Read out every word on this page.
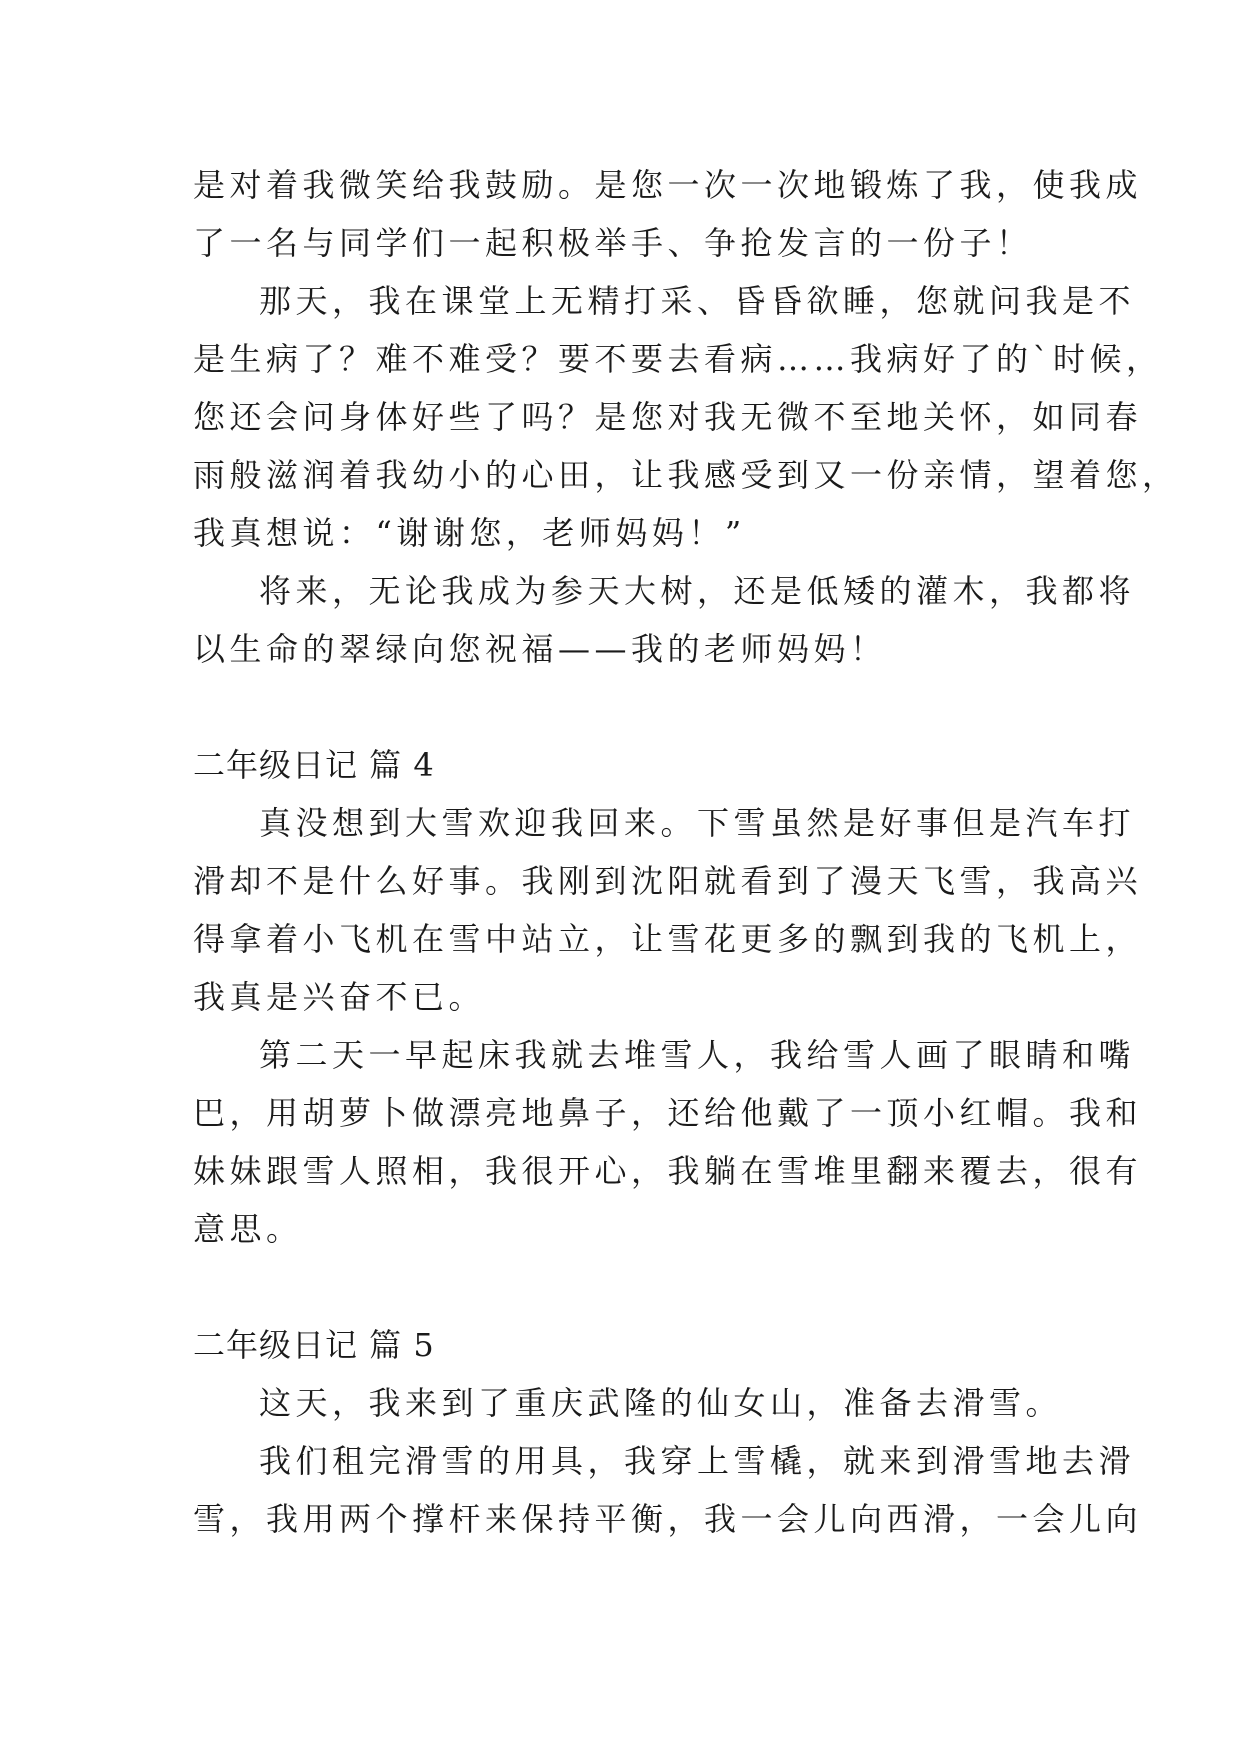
是对着我微笑给我鼓励。是您一次一次地锻炼了我，使我成
了一名与同学们一起积极举手、争抢发言的一份子！
那天，我在课堂上无精打采、昏昏欲睡，您就问我是不
是生病了？难不难受？要不要去看病……我病好了的`时候，
您还会问身体好些了吗？是您对我无微不至地关怀，如同春
雨般滋润着我幼小的心田，让我感受到又一份亲情，望着您，
我真想说：“谢谢您，老师妈妈！”
将来，无论我成为参天大树，还是低矮的灌木，我都将
以生命的翠绿向您祝福——我的老师妈妈！
二年级日记 篇 4
真没想到大雪欢迎我回来。下雪虽然是好事但是汽车打
滑却不是什么好事。我刚到沈阳就看到了漫天飞雪，我高兴
得拿着小飞机在雪中站立，让雪花更多的飘到我的飞机上，
我真是兴奋不已。
第二天一早起床我就去堆雪人，我给雪人画了眼睛和嘴
巴，用胡萝卜做漂亮地鼻子，还给他戴了一顶小红帽。我和
妹妹跟雪人照相，我很开心，我躺在雪堆里翻来覆去，很有
意思。
二年级日记 篇 5
这天，我来到了重庆武隆的仙女山，准备去滑雪。
我们租完滑雪的用具，我穿上雪橇，就来到滑雪地去滑
雪，我用两个撑杆来保持平衡，我一会儿向西滑，一会儿向
